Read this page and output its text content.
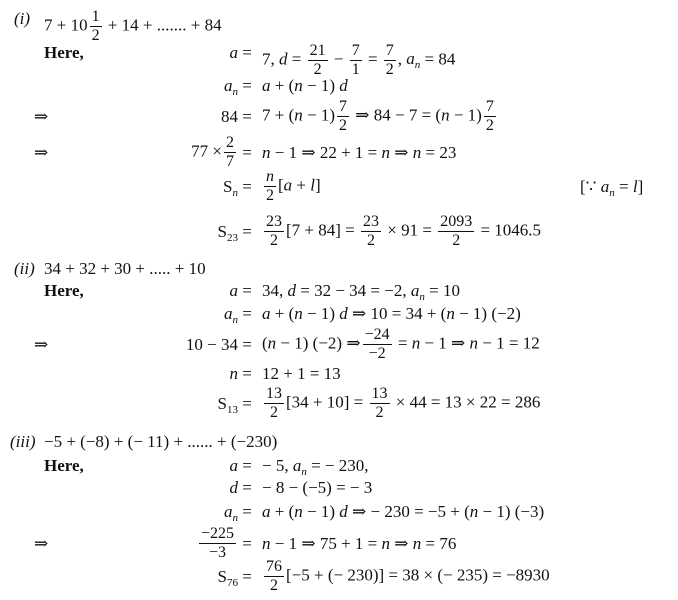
(i) $7 + 10 \frac{1}{2} + 14$ + ....... + 84
Here,	a = 7, $d = \frac{21}{2} - \frac{7}{1} = \frac{7}{2}$ , $a_n = 84$
$a_n = a + (n - 1)$ d
⇒	$84 = 7 + (n - 1) \frac{7}{2}$ ⇒ $84 - 7 = (n - 1) \frac{7}{2}$
⇒	$77 \times \frac{2}{7} = n - 1$ ⇒ 22 + 1 = n ⇒ n = 23
$S_n = \frac{n}{2} [a + l]$	[∵ $a_n = l$]
$S_{23} = \frac{23}{2} [7 + 84] = \frac{23}{2} \times 91 = \frac{2093}{2} = 1046.5$
(ii) 34 + 32 + 30 + ..... + 10
Here,	a = 34, d = 32 − 34 = −2, $a_n = 10$
$a_n = a + (n - 1)$ d ⇒ 10 = 34 + (n − 1) (−2)
⇒	10 − 34 = (n − 1) (−2) ⇒ $\frac{-24}{-2} = n - 1$ ⇒ n − 1 = 12
n = 12 + 1 = 13
$S_{13} = \frac{13}{2} [34 + 10] = \frac{13}{2} \times 44 = 13 \times 22 = 286$
(iii) −5 + (−8) + (− 11) + ...... + (−230)
Here,	a = − 5, $a_n$ = − 230,
d = − 8 − (−5) = − 3
$a_n = a + (n - 1)$ d ⇒ − 230 = −5 + (n − 1) (−3)
⇒	$\frac{-225}{-3} = n - 1$ ⇒ 75 + 1 = n ⇒ n = 76
$S_{76} = \frac{76}{2} [-5$ + (− 230)] = 38 × (− 235) = −8930
